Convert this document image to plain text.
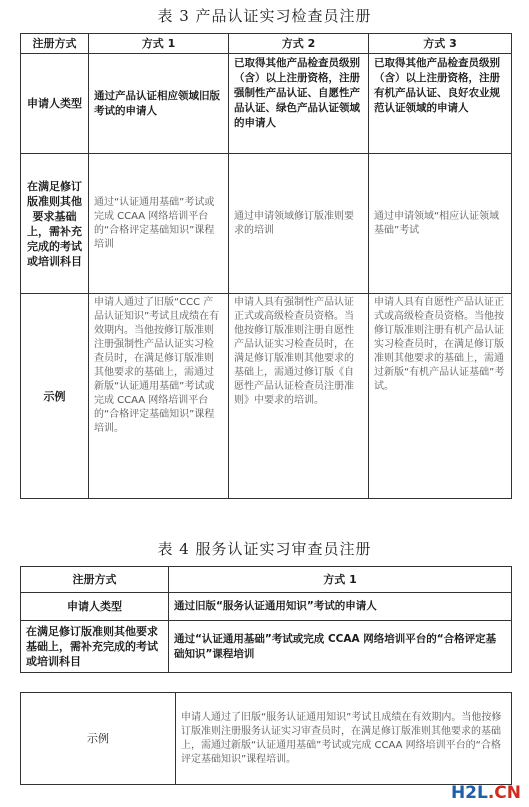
表 3 产品认证实习检查员注册
注册方式	方式 1	方式 2	方式 3
申请人类型	通过产品认证相应领域旧版考试的申请人	已取得其他产品检查员级别（含）以上注册资格，注册强制性产品认证、自愿性产品认证、绿色产品认证领域的申请人	已取得其他产品检查员级别（含）以上注册资格，注册有机产品认证、良好农业规范认证领域的申请人
在满足修订版准则其他要求基础上，需补充完成的考试或培训科目	通过“认证通用基础”考试或完成 CCAA 网络培训平台的“合格评定基础知识”课程培训	通过申请领域修订版准则要求的培训	通过申请领域“相应认证领域基础”考试
示例	申请人通过了旧版“CCC 产品认证知识”考试且成绩在有效期内。当他按修订版准则注册强制性产品认证实习检查员时，在满足修订版准则其他要求的基础上，需通过新版“认证通用基础”考试或完成 CCAA 网络培训平台的“合格评定基础知识”课程培训。	申请人具有强制性产品认证正式或高级检查员资格。当他按修订版准则注册自愿性产品认证实习检查员时，在满足修订版准则其他要求的基础上，需通过修订版《自愿性产品认证检查员注册准则》中要求的培训。	申请人具有自愿性产品认证正式或高级检查员资格。当他按修订版准则注册有机产品认证实习检查员时，在满足修订版准则其他要求的基础上，需通过新版“有机产品认证基础”考试。
表 4 服务认证实习审查员注册
注册方式	方式 1
申请人类型	通过旧版“服务认证通用知识”考试的申请人
在满足修订版准则其他要求基础上，需补充完成的考试或培训科目	通过“认证通用基础”考试或完成 CCAA 网络培训平台的“合格评定基础知识”课程培训
示例	申请人通过了旧版“服务认证通用知识”考试且成绩在有效期内。当他按修订版准则注册服务认证实习审查员时，在满足修订版准则其他要求的基础上，需通过新版“认证通用基础”考试或完成 CCAA 网络培训平台的“合格评定基础知识”课程培训。
H2L.CN
